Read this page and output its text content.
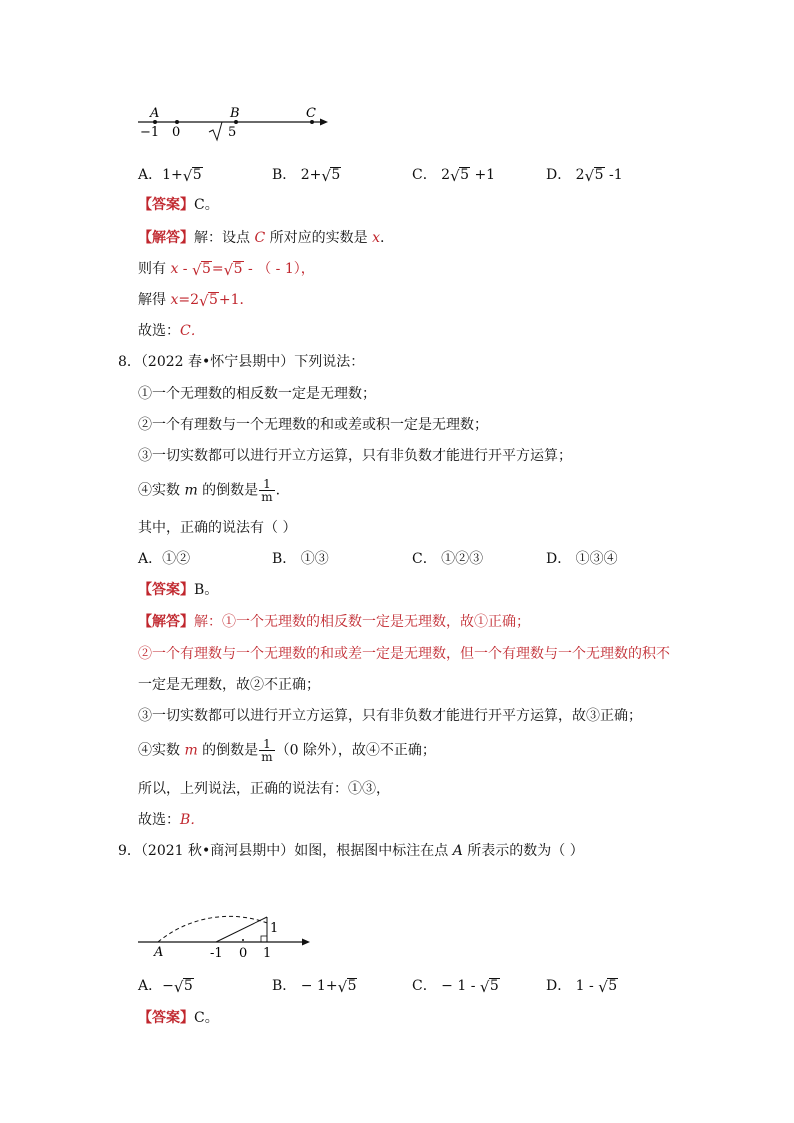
A	B	C
−1 0	5
A．1+ √ 5	B． 2+ √ 5	C． 2 √ 5 +1	D． 2 √ 5 -1
【答案】C。
【解答】解：设点 C 所对应的实数是 x.
则有 x - √ 5= √ 5 - （ - 1），
解得 x=2 √ 5+1．
故选：C．
8．（2022 春•怀宁县期中）下列说法：
①一个无理数的相反数一定是无理数；
②一个有理数与一个无理数的和或差或积一定是无理数；
③一切实数都可以进行开立方运算，只有非负数才能进行开平方运算；
④实数 m 的倒数是 $\frac{1}{m}$ .
其中，正确的说法有（ ）
A．①②	B． ①③	C． ①②③	D． ①③④
【答案】B。
【解答】解：①一个无理数的相反数一定是无理数，故①正确；
②一个有理数与一个无理数的和或差一定是无理数，但一个有理数与一个无理数的积不
一定是无理数，故②不正确；
③一切实数都可以进行开立方运算，只有非负数才能进行开平方运算，故③正确；
④实数 m 的倒数是 $\frac{1}{m} (0$ 除外），故④不正确；
所以，上列说法，正确的说法有：①③，
故选：B．
9．（2021 秋•商河县期中）如图，根据图中标注在点 A 所表示的数为（ ）
A	-1 0 1
1
A．− √ 5	B． − 1+ √ 5	C． − 1 - √ 5	D． 1 - √ 5
【答案】C。
